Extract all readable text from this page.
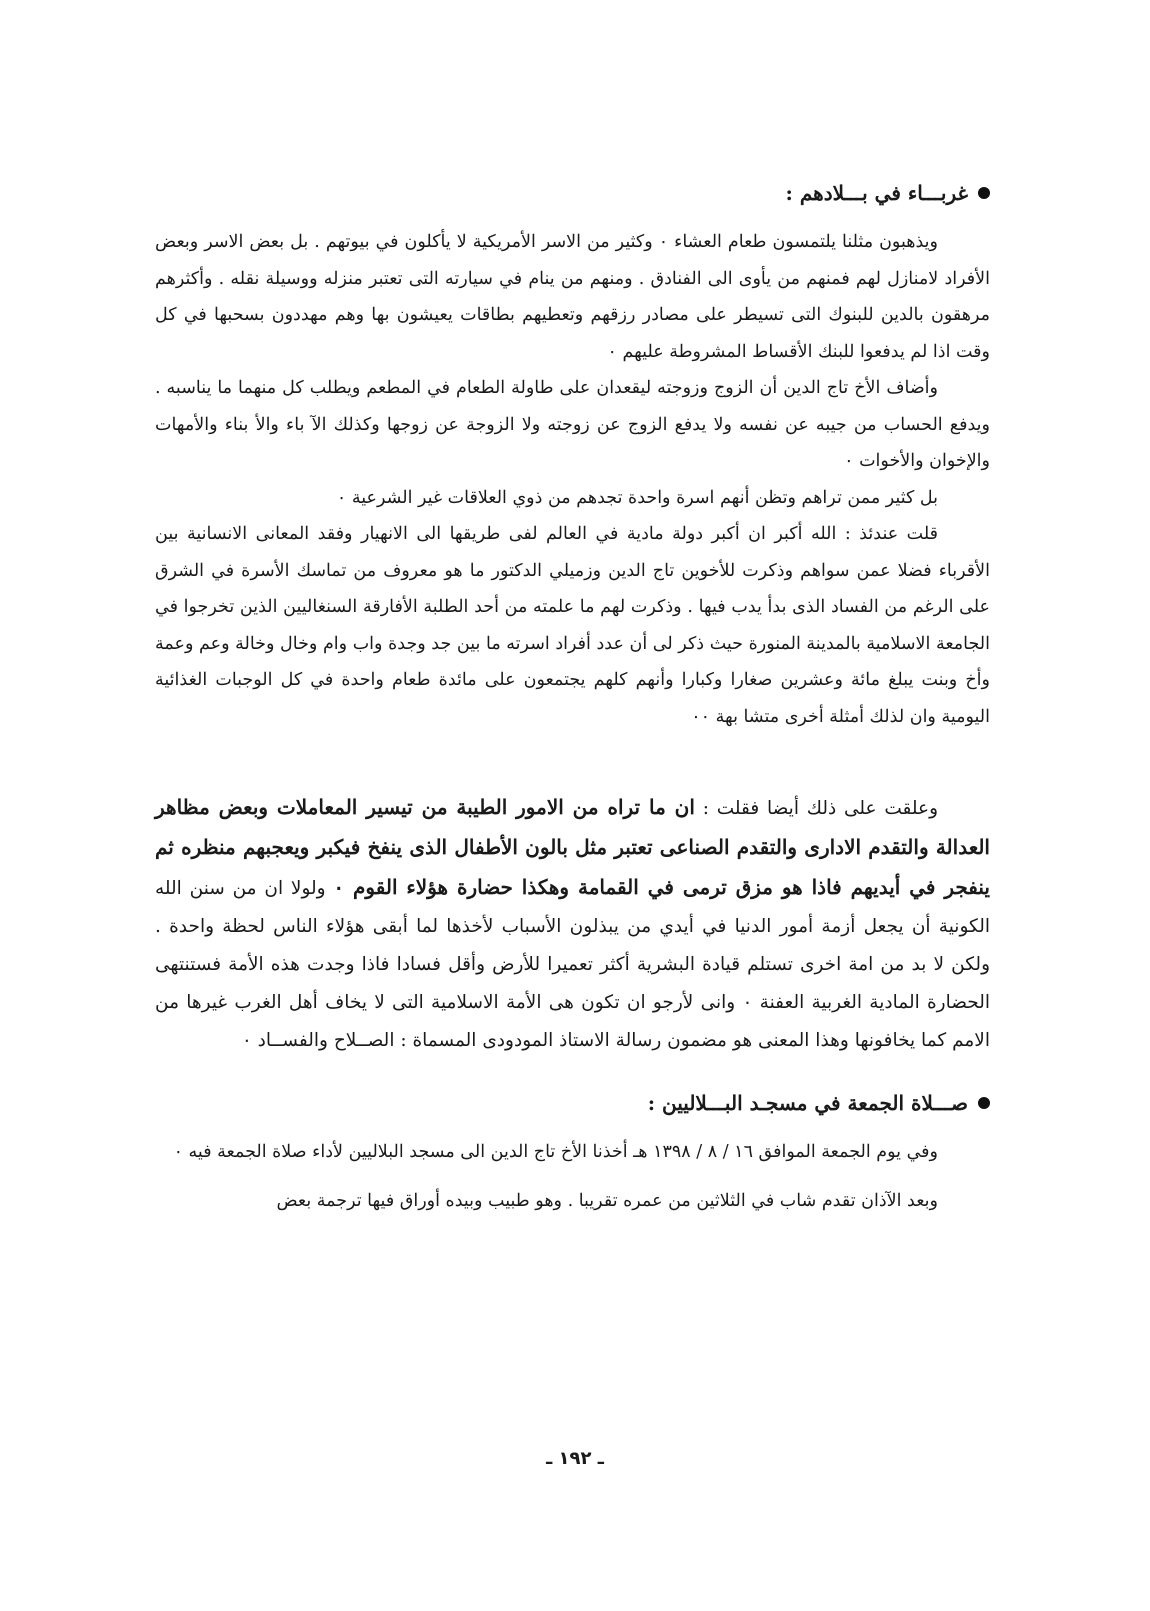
غربـــاء في بـــلادهم :

ويذهبون مثلنا يلتمسون طعام العشاء ٠ وكثير من الاسر الأمريكية لا يأكلون في بيوتهم . بل بعض الاسر وبعض الأفراد لامنازل لهم فمنهم من يأوى الى الفنادق . ومنهم من ينام في سيارته التى تعتبر منزله ووسيلة نقله . وأكثرهم مرهقون بالدين للبنوك التى تسيطر على مصادر رزقهم وتعطيهم بطاقات يعيشون بها وهم مهددون بسحبها في كل وقت اذا لم يدفعوا للبنك الأقساط المشروطة عليهم ٠

وأضاف الأخ تاج الدين أن الزوج وزوجته ليقعدان على طاولة الطعام في المطعم ويطلب كل منهما ما يناسبه . ويدفع الحساب من جيبه عن نفسه ولا يدفع الزوج عن زوجته ولا الزوجة عن زوجها وكذلك الآ باء والأ بناء والأمهات والإخوان والأخوات ٠

بل كثير ممن تراهم وتظن أنهم اسرة واحدة تجدهم من ذوي العلاقات غير الشرعية ٠

قلت عندئذ : الله أكبر ان أكبر دولة مادية في العالم لفى طريقها الى الانهيار وفقد المعانى الانسانية بين الأقرباء فضلا عمن سواهم وذكرت للأخوين تاج الدين وزميلي الدكتور ما هو معروف من تماسك الأسرة في الشرق على الرغم من الفساد الذى بدأ يدب فيها . وذكرت لهم ما علمته من أحد الطلبة الأفارقة السنغاليين الذين تخرجوا في الجامعة الاسلامية بالمدينة المنورة حيث ذكر لى أن عدد أفراد اسرته ما بين جد وجدة واب وام وخال وخالة وعم وعمة وأخ وبنت يبلغ مائة وعشرين صغارا وكبارا وأنهم كلهم يجتمعون على مائدة طعام واحدة في كل الوجبات الغذائية اليومية وان لذلك أمثلة أخرى متشا بهة ٠٠

وعلقت على ذلك أيضا فقلت : ان ما تراه من الامور الطيبة من تيسير المعاملات وبعض مظاهر العدالة والتقدم الادارى والتقدم الصناعى تعتبر مثل بالون الأطفال الذى ينفخ فيكبر ويعجبهم منظره ثم ينفجر في أيديهم فاذا هو مزق ترمى في القمامة وهكذا حضارة هؤلاء القوم ٠ ولولا ان من سنن الله الكونية أن يجعل أزمة أمور الدنيا في أيدي من يبذلون الأسباب لأخذها لما أبقى هؤلاء الناس لحظة واحدة . ولكن لا بد من امة اخرى تستلم قيادة البشرية أكثر تعميرا للأرض وأقل فسادا فاذا وجدت هذه الأمة فستنتهى الحضارة المادية الغربية العفنة ٠ وانى لأرجو ان تكون هى الأمة الاسلامية التى لا يخاف أهل الغرب غيرها من الامم كما يخافونها وهذا المعنى هو مضمون رسالة الاستاذ المودودى المسماة : الصــلاح والفســاد ٠

صـــلاة الجمعة في مسجـد البـــلاليين :

وفي يوم الجمعة الموافق ١٦ / ٨ / ١٣٩٨ هـ أخذنا الأخ تاج الدين الى مسجد البلاليين لأداء صلاة الجمعة فيه ٠

وبعد الآذان تقدم شاب في الثلاثين من عمره تقريبا . وهو طبيب وبيده أوراق فيها ترجمة بعض

ـ ١٩٢ ـ
